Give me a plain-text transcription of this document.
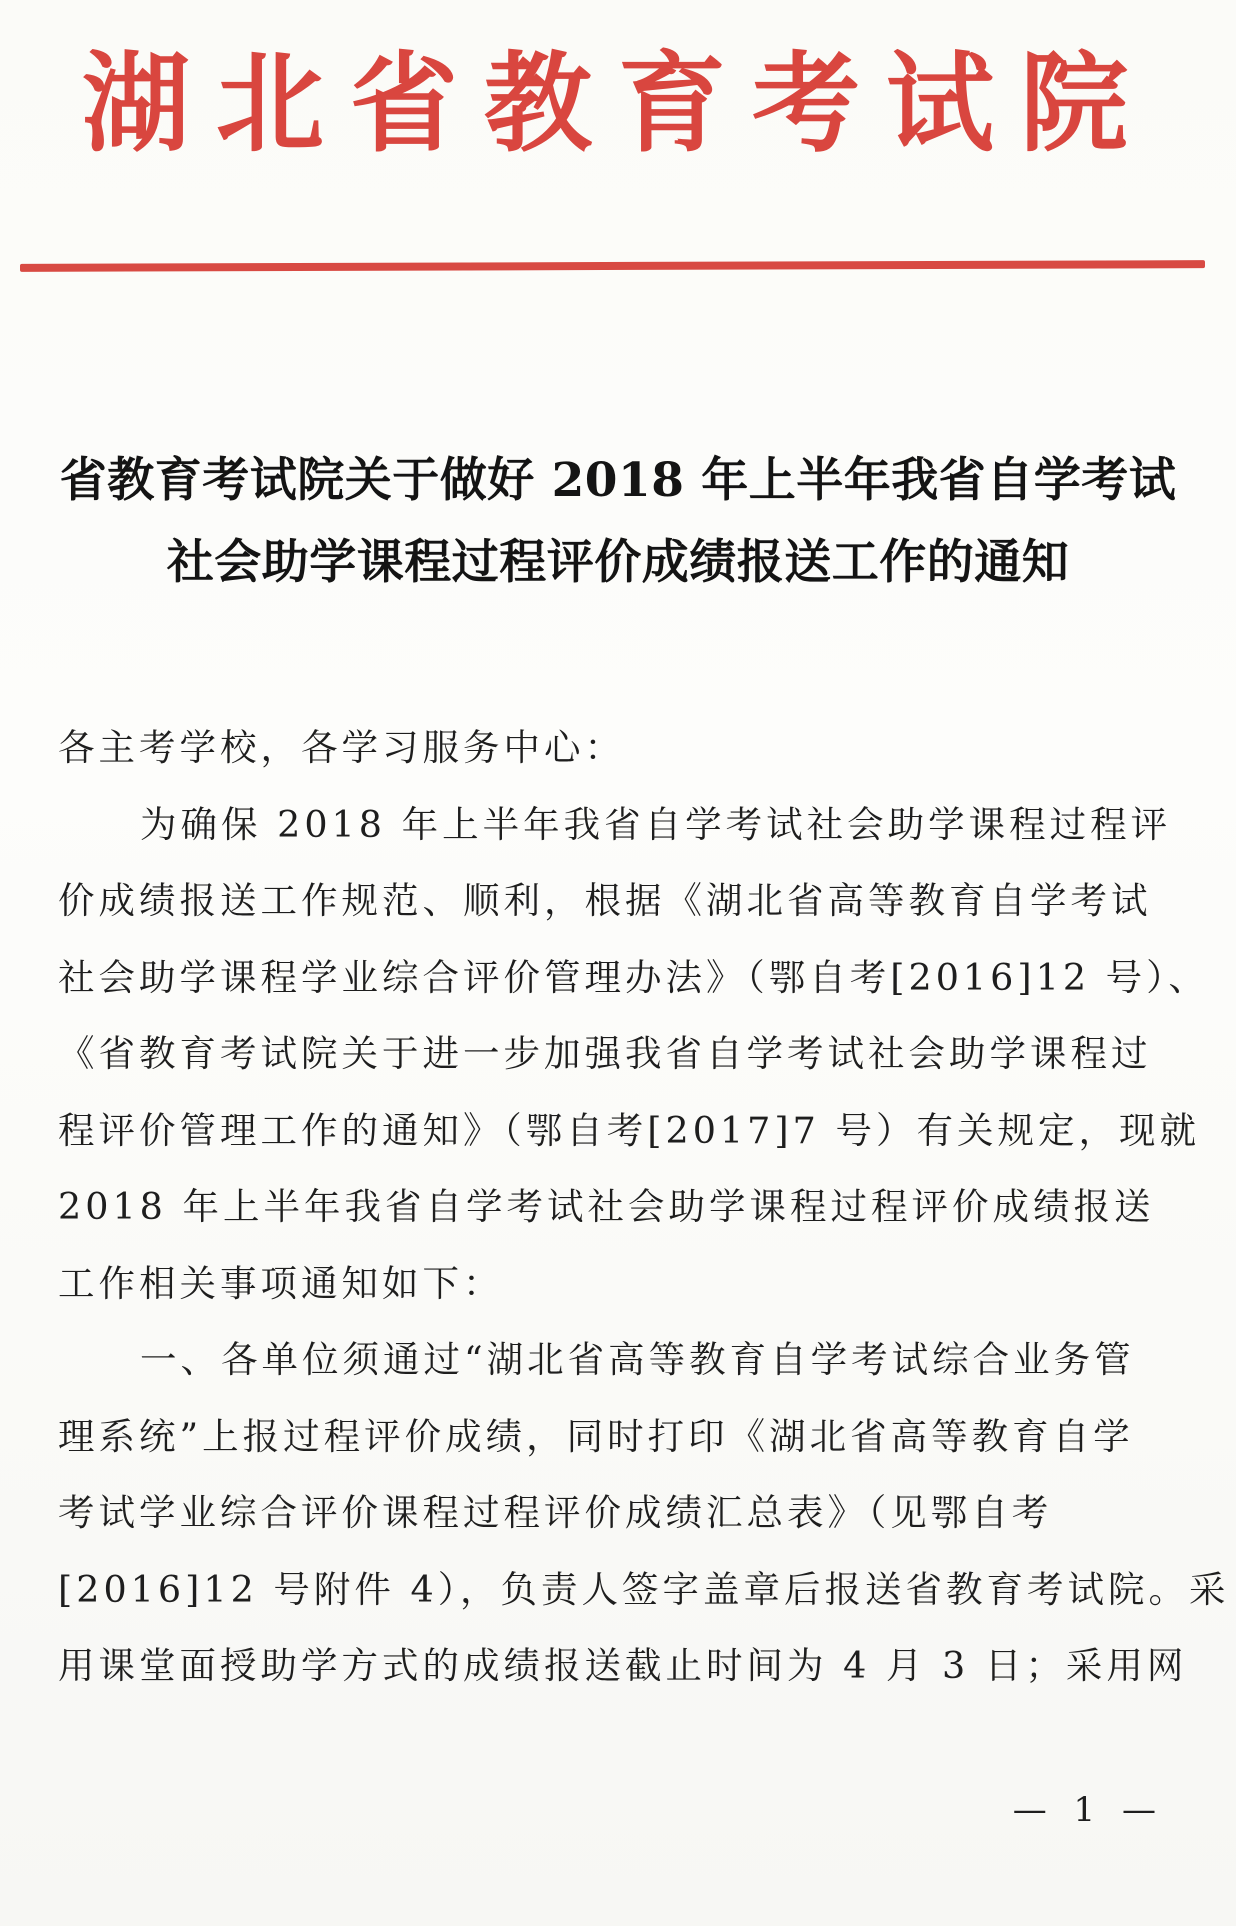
湖北省教育考试院
省教育考试院关于做好 2018 年上半年我省自学考试
社会助学课程过程评价成绩报送工作的通知
各主考学校，各学习服务中心：
为确保 2018 年上半年我省自学考试社会助学课程过程评
价成绩报送工作规范、顺利，根据《湖北省高等教育自学考试
社会助学课程学业综合评价管理办法》（鄂自考[2016]12 号）、
《省教育考试院关于进一步加强我省自学考试社会助学课程过
程评价管理工作的通知》（鄂自考[2017]7 号）有关规定，现就
2018 年上半年我省自学考试社会助学课程过程评价成绩报送
工作相关事项通知如下：
一、各单位须通过“湖北省高等教育自学考试综合业务管
理系统”上报过程评价成绩，同时打印《湖北省高等教育自学
考试学业综合评价课程过程评价成绩汇总表》（见鄂自考
[2016]12 号附件 4），负责人签字盖章后报送省教育考试院。采
用课堂面授助学方式的成绩报送截止时间为 4 月 3 日；采用网
— 1 —
